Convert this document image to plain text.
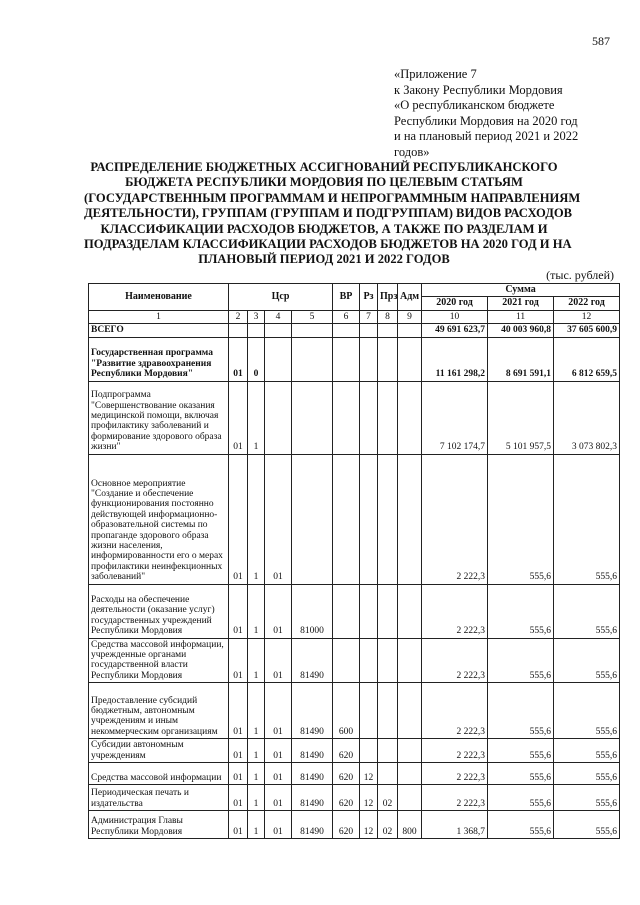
587
«Приложение 7
к Закону Республики Мордовия
«О республиканском бюджете
Республики Мордовия на 2020 год
и на плановый период 2021 и 2022
годов»
РАСПРЕДЕЛЕНИЕ БЮДЖЕТНЫХ АССИГНОВАНИЙ РЕСПУБЛИКАНСКОГО
БЮДЖЕТА РЕСПУБЛИКИ МОРДОВИЯ ПО ЦЕЛЕВЫМ СТАТЬЯМ
(ГОСУДАРСТВЕННЫМ ПРОГРАММАМ И НЕПРОГРАММНЫМ НАПРАВЛЕНИЯМ
ДЕЯТЕЛЬНОСТИ), ГРУППАМ (ГРУППАМ И ПОДГРУППАМ) ВИДОВ РАСХОДОВ
КЛАССИФИКАЦИИ РАСХОДОВ БЮДЖЕТОВ, А ТАКЖЕ ПО РАЗДЕЛАМ И
ПОДРАЗДЕЛАМ КЛАССИФИКАЦИИ РАСХОДОВ БЮДЖЕТОВ НА 2020 ГОД И НА
ПЛАНОВЫЙ ПЕРИОД 2021 И 2022 ГОДОВ
(тыс. рублей)
Наименование	Цср				ВР	Рз	Прз	Адм	Сумма		
									2020 год	2021 год	2022 год
1	2	3	4	5	6	7	8	9	10	11	12
ВСЕГО									49 691 623,7	40 003 960,8	37 605 600,9
Государственная программа "Развитие здравоохранения Республики Мордовия"	01	0							11 161 298,2	8 691 591,1	6 812 659,5
Подпрограмма "Совершенствование оказания медицинской помощи, включая профилактику заболеваний и формирование здорового образа жизни"	01	1							7 102 174,7	5 101 957,5	3 073 802,3
Основное мероприятие "Создание и обеспечение функционирования постоянно действующей информационно-образовательной системы по пропаганде здорового образа жизни населения, информированности его о мерах профилактики неинфекционных заболеваний"	01	1	01						2 222,3	555,6	555,6
Расходы на обеспечение деятельности (оказание услуг) государственных учреждений Республики Мордовия	01	1	01	81000					2 222,3	555,6	555,6
Средства массовой информации, учрежденные органами государственной власти Республики Мордовия	01	1	01	81490					2 222,3	555,6	555,6
Предоставление субсидий бюджетным, автономным учреждениям и иным некоммерческим организациям	01	1	01	81490	600				2 222,3	555,6	555,6
Субсидии автономным учреждениям	01	1	01	81490	620				2 222,3	555,6	555,6
Средства массовой информации	01	1	01	81490	620	12			2 222,3	555,6	555,6
Периодическая печать и издательства	01	1	01	81490	620	12	02		2 222,3	555,6	555,6
Администрация Главы Республики Мордовия	01	1	01	81490	620	12	02	800	1 368,7	555,6	555,6
